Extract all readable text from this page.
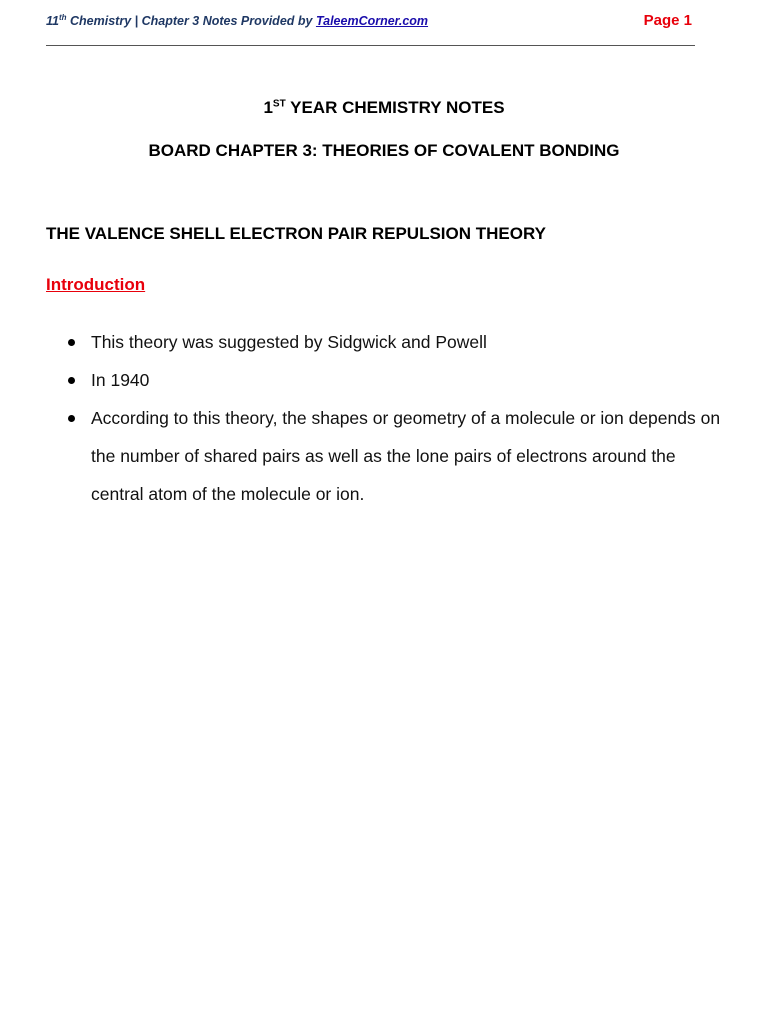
11th Chemistry | Chapter 3 Notes Provided by TaleemCorner.com	Page 1
1ST YEAR CHEMISTRY NOTES
BOARD CHAPTER 3: THEORIES OF COVALENT BONDING
THE VALENCE SHELL ELECTRON PAIR REPULSION THEORY
Introduction
This theory was suggested by Sidgwick and Powell
In 1940
According to this theory, the shapes or geometry of a molecule or ion depends on the number of shared pairs as well as the lone pairs of electrons around the central atom of the molecule or ion.
